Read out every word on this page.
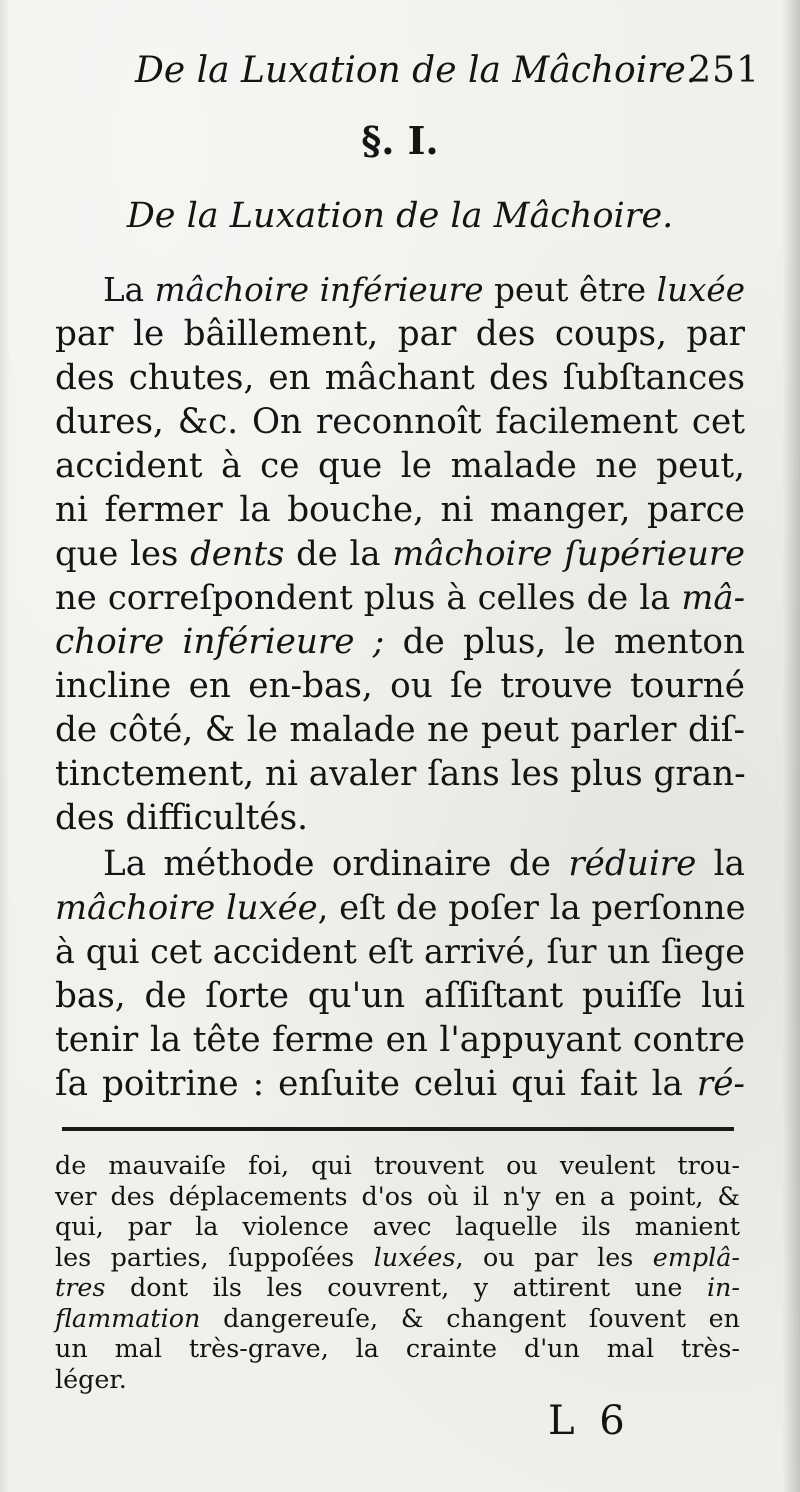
De la Luxation de la Mâchoire.
251
§. I.
De la Luxation de la Mâchoire.

La mâchoire inférieure peut être luxée
par le bâillement, par des coups, par
des chutes, en mâchant des ſubſtances
dures, &c. On reconnoît facilement cet
accident à ce que le malade ne peut,
ni fermer la bouche, ni manger, parce
que les dents de la mâchoire ſupérieure
ne correſpondent plus à celles de la mâ-
choire inférieure ; de plus, le menton
incline en en-bas, ou ſe trouve tourné
de côté, & le malade ne peut parler diſ-
tinctement, ni avaler ſans les plus gran-
des difficultés.

La méthode ordinaire de réduire la
mâchoire luxée, eſt de poſer la perſonne
à qui cet accident eſt arrivé, ſur un ſiege
bas, de ſorte qu'un aſſiſtant puiſſe lui
tenir la tête ferme en l'appuyant contre
ſa poitrine : enſuite celui qui fait la ré-

de mauvaiſe foi, qui trouvent ou veulent trou-
ver des déplacements d'os où il n'y en a point, &
qui, par la violence avec laquelle ils manient
les parties, ſuppoſées luxées, ou par les emplâ-
tres dont ils les couvrent, y attirent une in-
flammation dangereuſe, & changent ſouvent en
un mal très-grave, la crainte d'un mal très-
léger.

L 6
